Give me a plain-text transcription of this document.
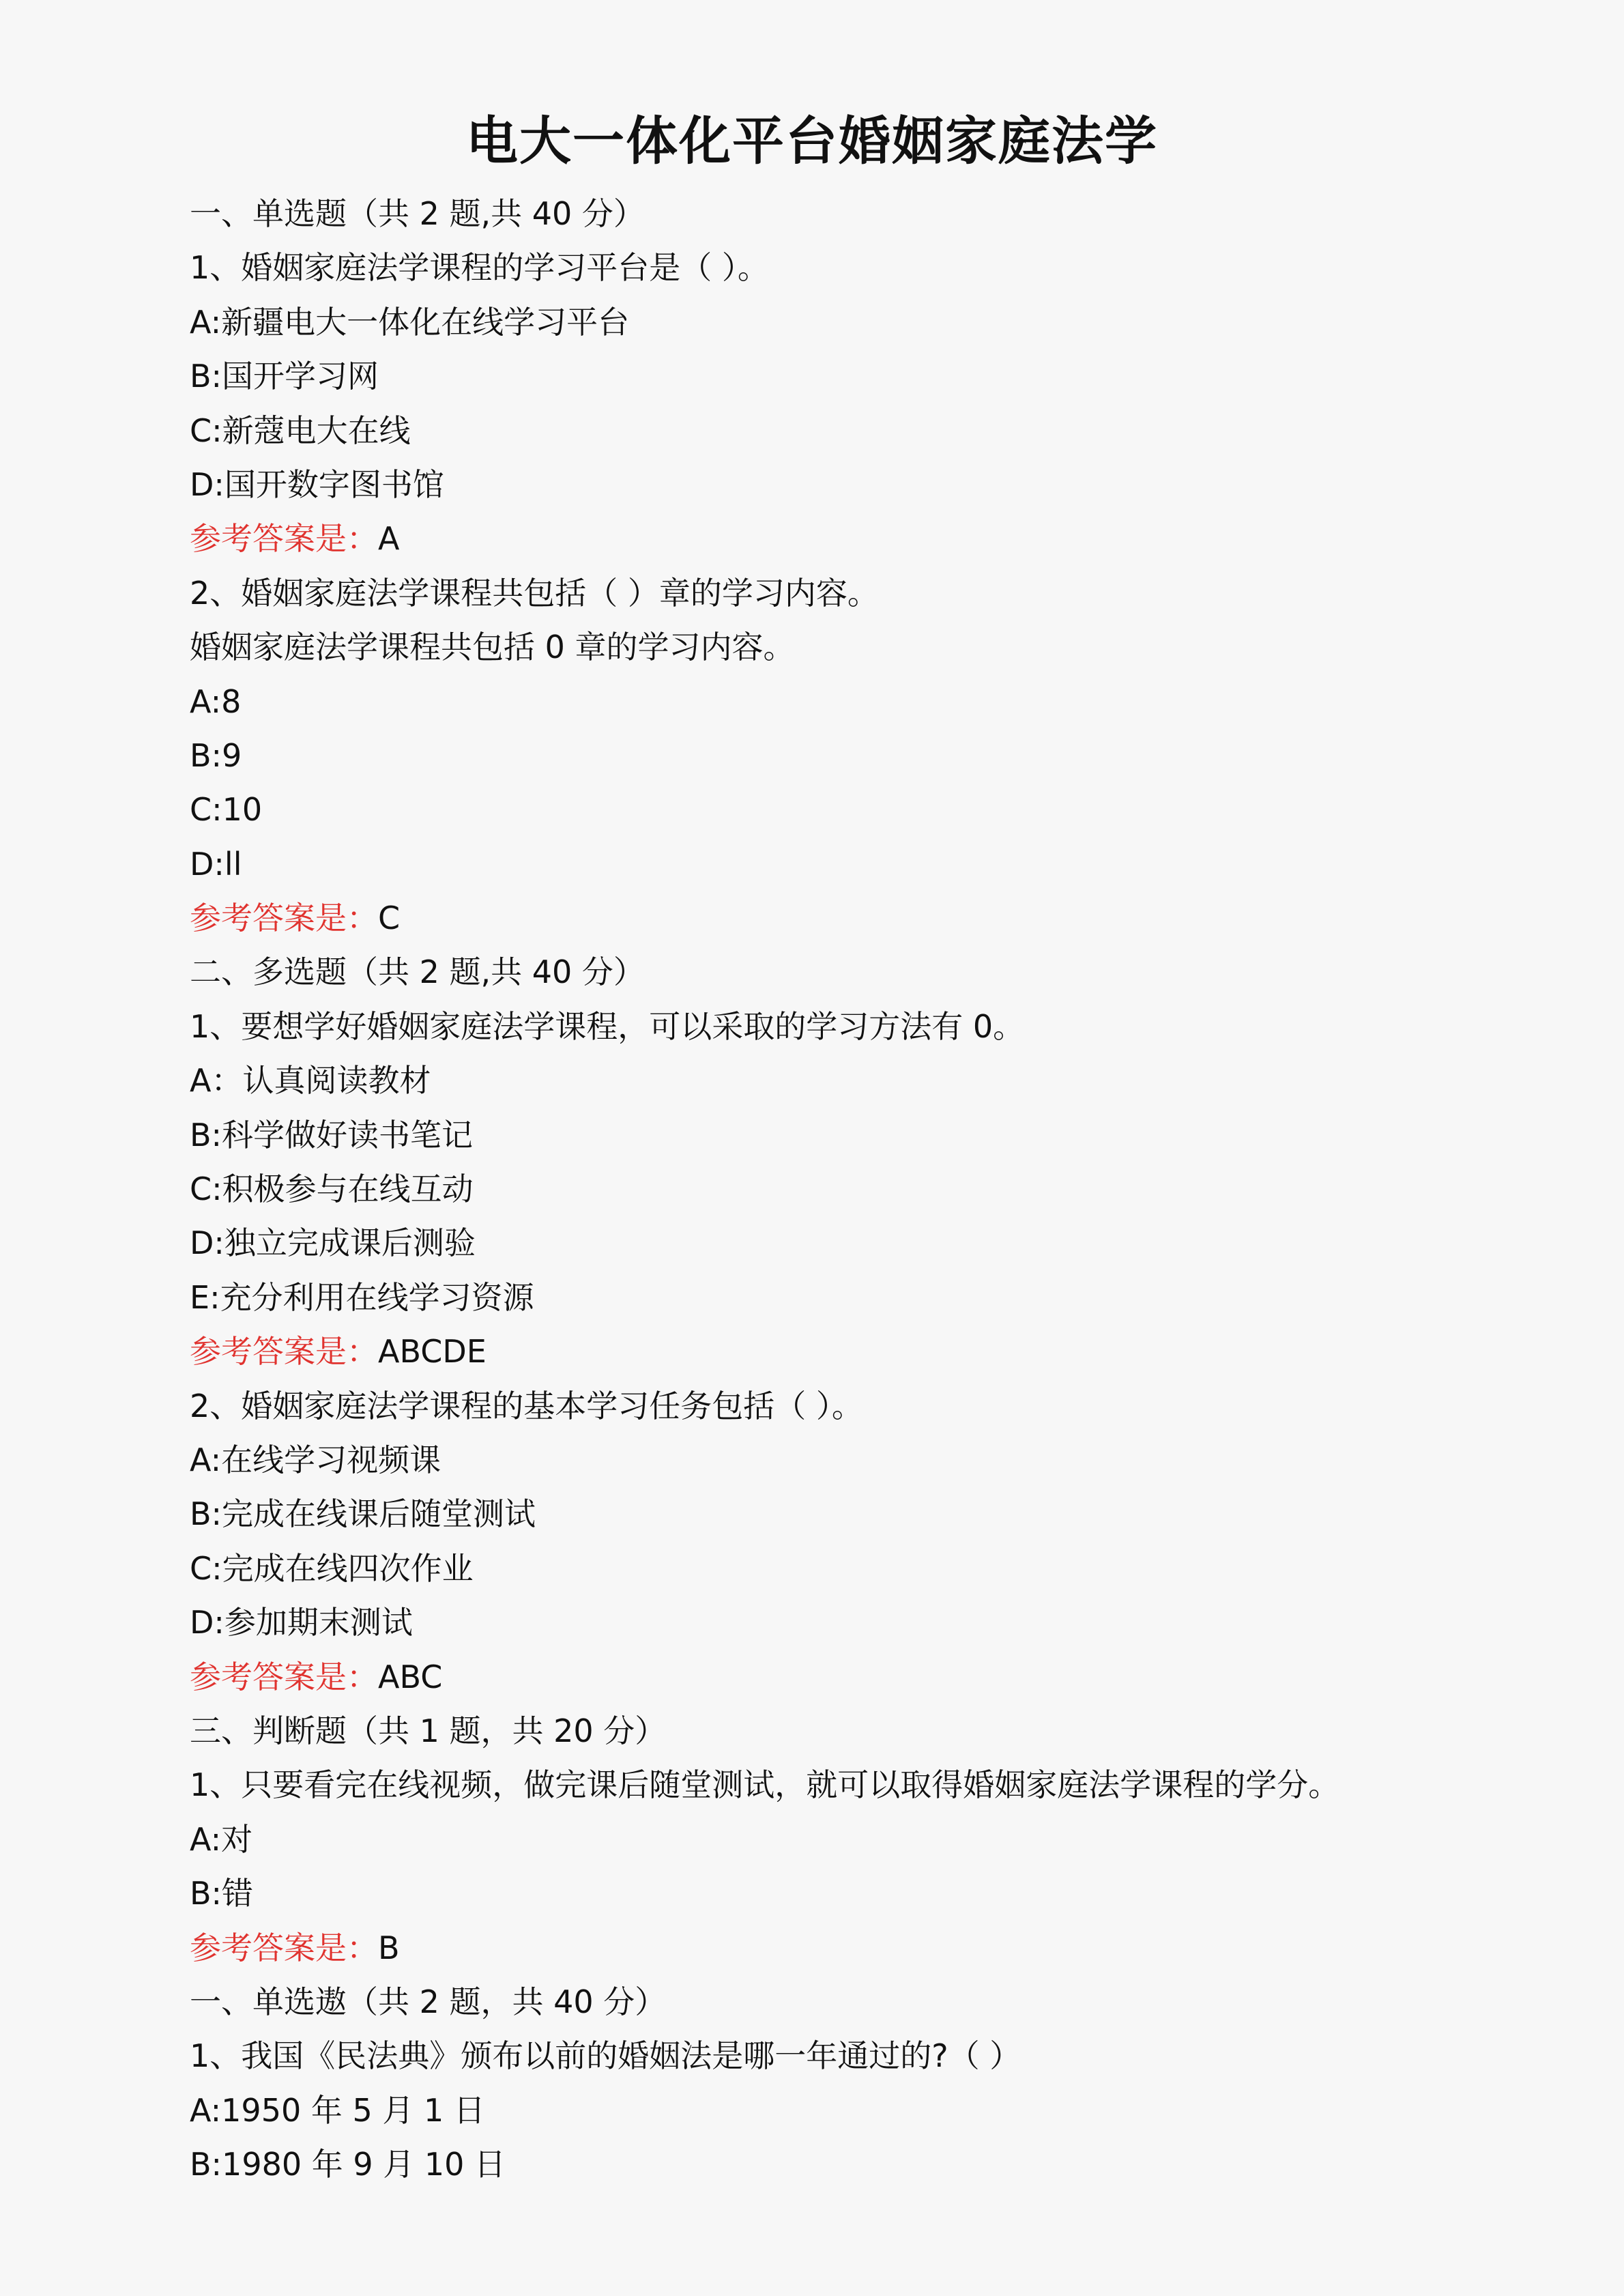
电大一体化平台婚姻家庭法学
一、单选题（共 2 题,共 40 分）
1、婚姻家庭法学课程的学习平台是（ ）。
A:新疆电大一体化在线学习平台
B:国开学习网
C:新蔻电大在线
D:国开数字图书馆
参考答案是：A
2、婚姻家庭法学课程共包括（ ）章的学习内容。
婚姻家庭法学课程共包括 0 章的学习内容。
A:8
B:9
C:10
D:ll
参考答案是：C
二、多选题（共 2 题,共 40 分）
1、要想学好婚姻家庭法学课程，可以采取的学习方法有 0。
A：认真阅读教材
B:科学做好读书笔记
C:积极参与在线互动
D:独立完成课后测验
E:充分利用在线学习资源
参考答案是：ABCDE
2、婚姻家庭法学课程的基本学习任务包括（ ）。
A:在线学习视频课
B:完成在线课后随堂测试
C:完成在线四次作业
D:参加期末测试
参考答案是：ABC
三、判断题（共 1 题，共 20 分）
1、只要看完在线视频，做完课后随堂测试，就可以取得婚姻家庭法学课程的学分。
A:对
B:错
参考答案是：B
一、单选遨（共 2 题，共 40 分）
1、我国《民法典》颁布以前的婚姻法是哪一年通过的?（ ）
A:1950 年 5 月 1 日
B:1980 年 9 月 10 日
